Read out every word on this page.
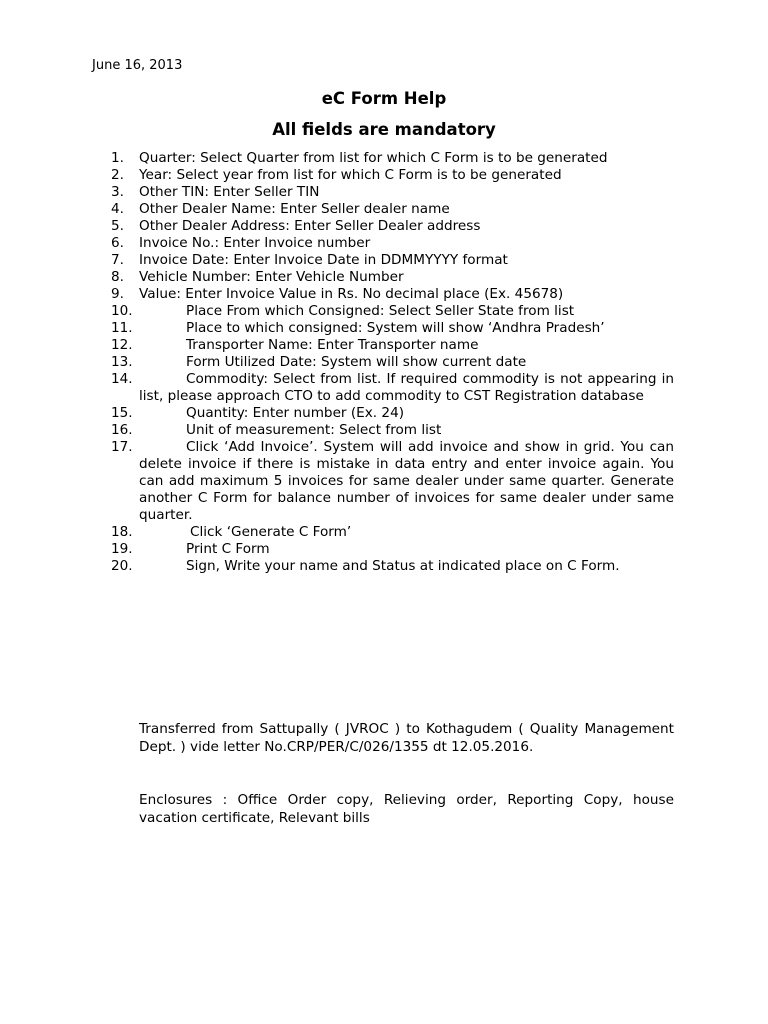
June 16, 2013
eC Form Help
All fields are mandatory
1. Quarter: Select Quarter from list for which C Form is to be generated
2. Year: Select year from list for which C Form is to be generated
3. Other TIN: Enter Seller TIN
4. Other Dealer Name: Enter Seller dealer name
5. Other Dealer Address: Enter Seller Dealer address
6. Invoice No.: Enter Invoice number
7. Invoice Date: Enter Invoice Date in DDMMYYYY format
8. Vehicle Number: Enter Vehicle Number
9. Value: Enter Invoice Value in Rs. No decimal place (Ex. 45678)
10.	Place From which Consigned: Select Seller State from list
11.	Place to which consigned: System will show ‘Andhra Pradesh’
12.	Transporter Name: Enter Transporter name
13.	Form Utilized Date: System will show current date
14.	Commodity: Select from list. If required commodity is not appearing in list, please approach CTO to add commodity to CST Registration database
15.	Quantity: Enter number (Ex. 24)
16.	Unit of measurement: Select from list
17.	Click ‘Add Invoice’. System will add invoice and show in grid. You can delete invoice if there is mistake in data entry and enter invoice again. You can add maximum 5 invoices for same dealer under same quarter. Generate another C Form for balance number of invoices for same dealer under same quarter.
18.	Click ‘Generate C Form’
19.	Print C Form
20.	Sign, Write your name and Status at indicated place on C Form.

Transferred from Sattupally ( JVROC ) to Kothagudem ( Quality Management Dept. ) vide letter No.CRP/PER/C/026/1355 dt 12.05.2016.

Enclosures : Office Order copy, Relieving order, Reporting Copy, house vacation certificate, Relevant bills
